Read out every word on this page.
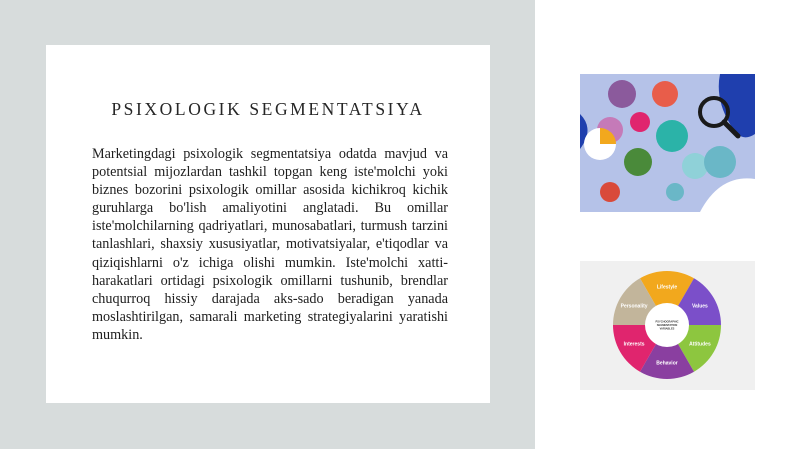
PSIXOLOGIK SEGMENTATSIYA

Marketingdagi psixologik segmentatsiya odatda mavjud va potentsial mijozlardan tashkil topgan keng iste'molchi yoki biznes bozorini psixologik omillar asosida kichikroq kichik guruhlarga bo'lish amaliyotini anglatadi. Bu omillar iste'molchilarning qadriyatlari, munosabatlari, turmush tarzini tanlashlari, shaxsiy xususiyatlar, motivatsiyalar, e'tiqodlar va qiziqishlarni o'z ichiga olishi mumkin. Iste'molchi xatti-harakatlari ortidagi psixologik omillarni tushunib, brendlar chuqurroq hissiy darajada aks-sado beradigan yanada moslashtirilgan, samarali marketing strategiyalarini yaratishi mumkin.

Lifestyle
Values
Attitudes
Behavior
Interests
Personality
PSYCHOGRAPHIC
SEGMENTATION
VARIABLES
